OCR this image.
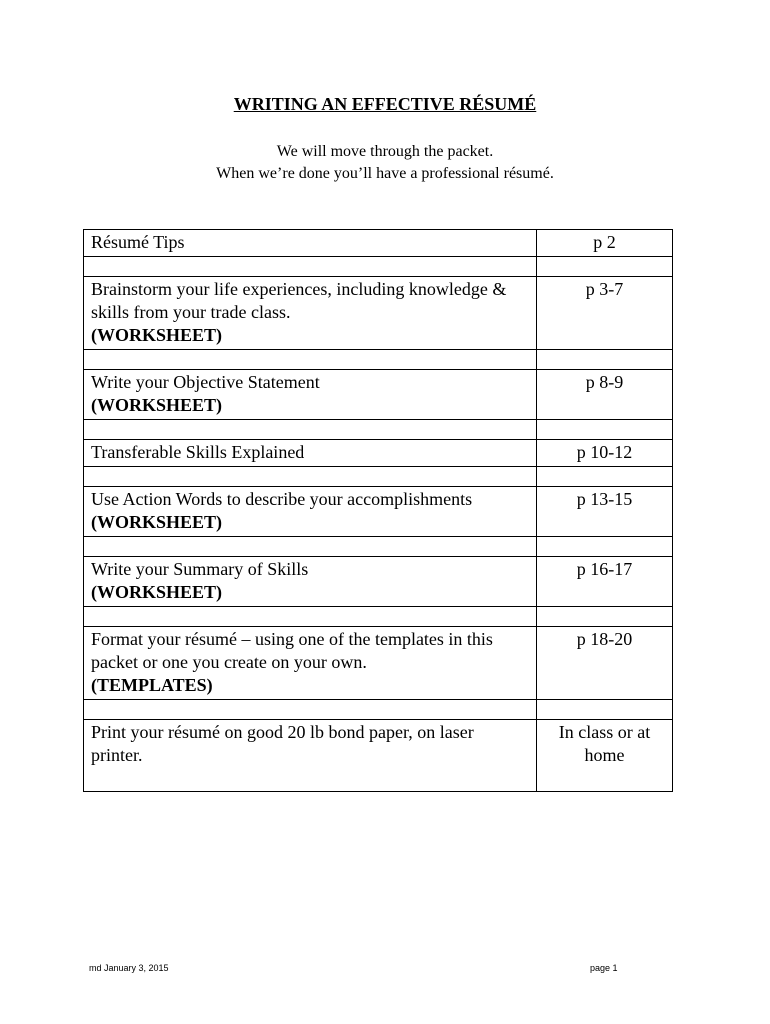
WRITING AN EFFECTIVE RÉSUMÉ
We will move through the packet.
When we’re done you’ll have a professional résumé.
Résumé Tips	p 2

Brainstorm your life experiences, including knowledge & skills from your trade class.
(WORKSHEET)	p 3-7

Write your Objective Statement
(WORKSHEET)	p 8-9

Transferable Skills Explained	p 10-12

Use Action Words to describe your accomplishments
(WORKSHEET)	p 13-15

Write your Summary of Skills
(WORKSHEET)	p 16-17

Format your résumé – using one of the templates in this packet or one you create on your own.
(TEMPLATES)	p 18-20

Print your résumé on good 20 lb bond paper, on laser printer.	In class or at home
md January 3, 2015	page 1
